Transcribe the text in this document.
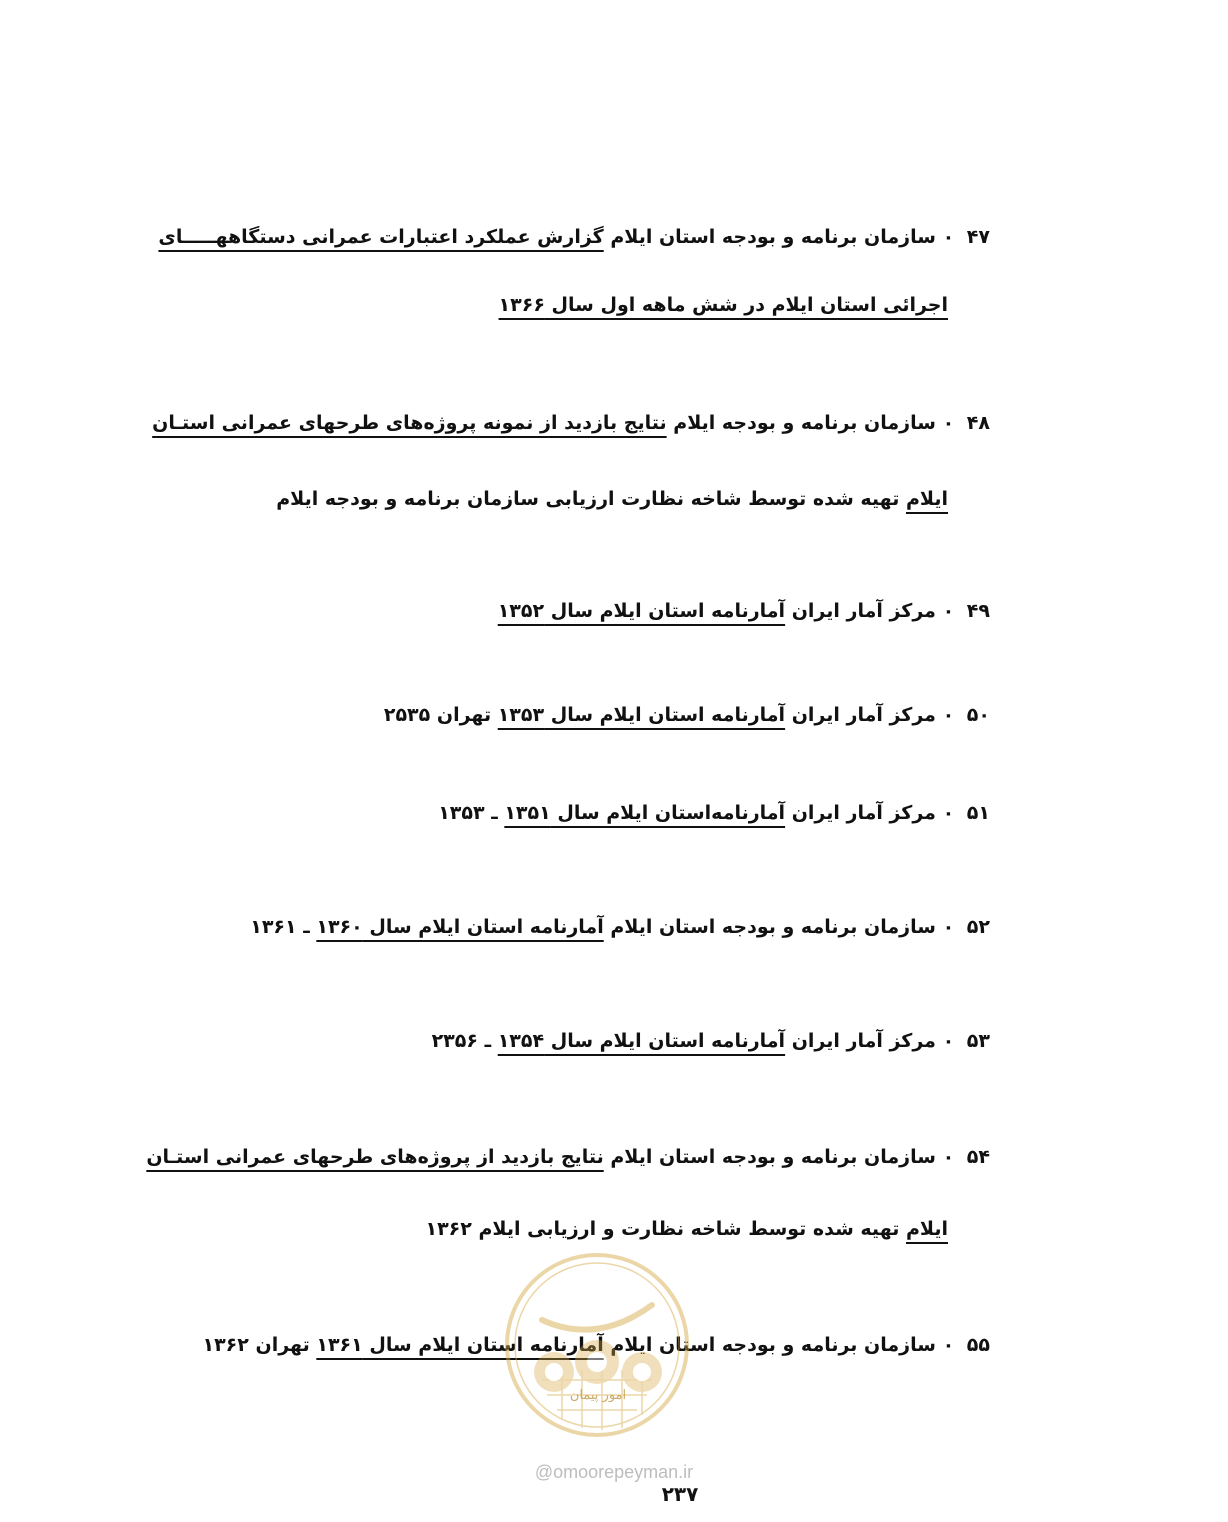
۴۷ ۰ سازمان برنامه و بودجه استان ایلام گزارش عملکرد اعتبارات عمرانی دستگاههـــــای
اجرائی استان ایلام در شش ماهه اول سال ۱۳۶۶
۴۸ ۰ سازمان برنامه و بودجه ایلام نتایج بازدید از نمونه پروژه‌های طرحهای عمرانی استـان
ایلام تهیه شده توسط شاخه نظارت ارزیابی سازمان برنامه و بودجه ایلام
۴۹ ۰ مرکز آمار ایران آمارنامه استان ایلام سال ۱۳۵۲
۵۰ ۰ مرکز آمار ایران آمارنامه استان ایلام سال ۱۳۵۳ تهران ۲۵۳۵
۵۱ ۰ مرکز آمار ایران آمارنامه‌استان ایلام سال ۱۳۵۱ ـ ۱۳۵۳
۵۲ ۰ سازمان برنامه و بودجه استان ایلام آمارنامه استان ایلام سال ۱۳۶۰ ـ ۱۳۶۱
۵۳ ۰ مرکز آمار ایران آمارنامه استان ایلام سال ۱۳۵۴ ـ ۲۳۵۶
۵۴ ۰ سازمان برنامه و بودجه استان ایلام نتایج بازدید از پروژه‌های طرحهای عمرانی استـان
ایلام تهیه شده توسط شاخه نظارت و ارزیابی ایلام ۱۳۶۲
۵۵ ۰ سازمان برنامه و بودجه استان ایلام آمارنامه استان ایلام سال ۱۳۶۱ تهران ۱۳۶۲
امور پیمان
@omoorepeyman.ir
۲۳۷
